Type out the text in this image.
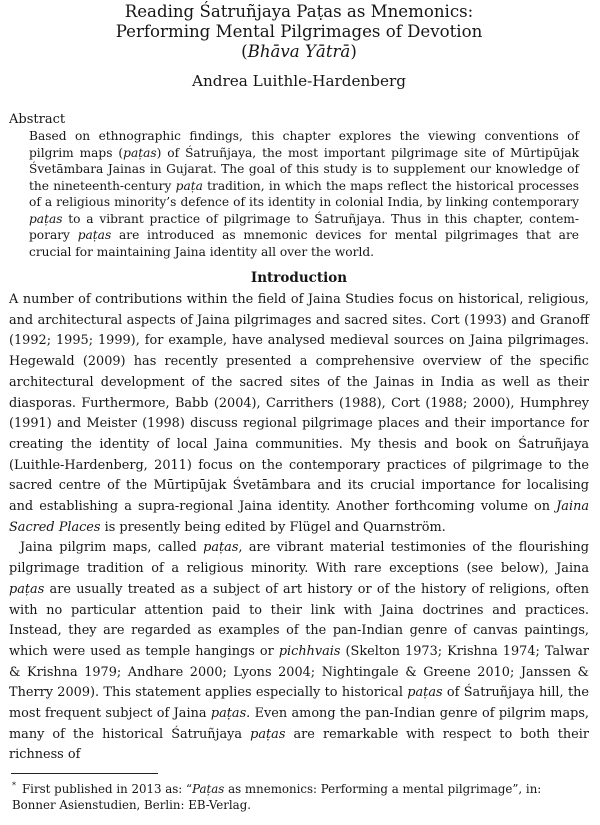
Reading Śatruñjaya Paṭas as Mnemonics:
Performing Mental Pilgrimages of Devotion
(Bhāva Yātrā)
Andrea Luithle-Hardenberg
Abstract

Based on ethnographic findings, this chapter explores the viewing conventions of pilgrim maps (paṭas) of Śatruñjaya, the most important pilgrimage site of Mūrtipūjak Śvetāmbara Jainas in Gujarat. The goal of this study is to supplement our knowledge of the nineteenth-century paṭa tradition, in which the maps reflect the historical processes of a religious minority’s defence of its identity in colonial India, by linking contemporary paṭas to a vibrant practice of pilgrimage to Śatruñjaya. Thus in this chapter, contemporary paṭas are introduced as mnemonic devices for mental pilgrimages that are crucial for maintaining Jaina identity all over the world.

Introduction

A number of contributions within the field of Jaina Studies focus on historical, religious, and architectural aspects of Jaina pilgrimages and sacred sites. Cort (1993) and Granoff (1992; 1995; 1999), for example, have analysed medieval sources on Jaina pilgrimages. Hegewald (2009) has recently presented a comprehensive overview of the specific architectural development of the sacred sites of the Jainas in India as well as their diasporas. Furthermore, Babb (2004), Carrithers (1988), Cort (1988; 2000), Humphrey (1991) and Meister (1998) discuss regional pilgrimage places and their importance for creating the identity of local Jaina communities. My thesis and book on Śatruñjaya (Luithle-Hardenberg, 2011) focus on the contemporary practices of pilgrimage to the sacred centre of the Mūrtipūjak Śvetāmbara and its crucial importance for localising and establishing a supra-regional Jaina identity. Another forthcoming volume on Jaina Sacred Places is presently being edited by Flügel and Quarnström.

Jaina pilgrim maps, called paṭas, are vibrant material testimonies of the flourishing pilgrimage tradition of a religious minority. With rare exceptions (see below), Jaina paṭas are usually treated as a subject of art history or of the history of religions, often with no particular attention paid to their link with Jaina doctrines and practices. Instead, they are regarded as examples of the pan-Indian genre of canvas paintings, which were used as temple hangings or pichhvais (Skelton 1973; Krishna 1974; Talwar & Krishna 1979; Andhare 2000; Lyons 2004; Nightingale & Greene 2010; Janssen & Therry 2009). This statement applies especially to historical paṭas of Śatruñjaya hill, the most frequent subject of Jaina paṭas. Even among the pan-Indian genre of pilgrim maps, many of the historical Śatruñjaya paṭas are remarkable with respect to both their richness of

* First published in 2013 as: “Paṭas as mnemonics: Performing a mental pilgrimage”, in: Bonner Asienstudien, Berlin: EB-Verlag.
